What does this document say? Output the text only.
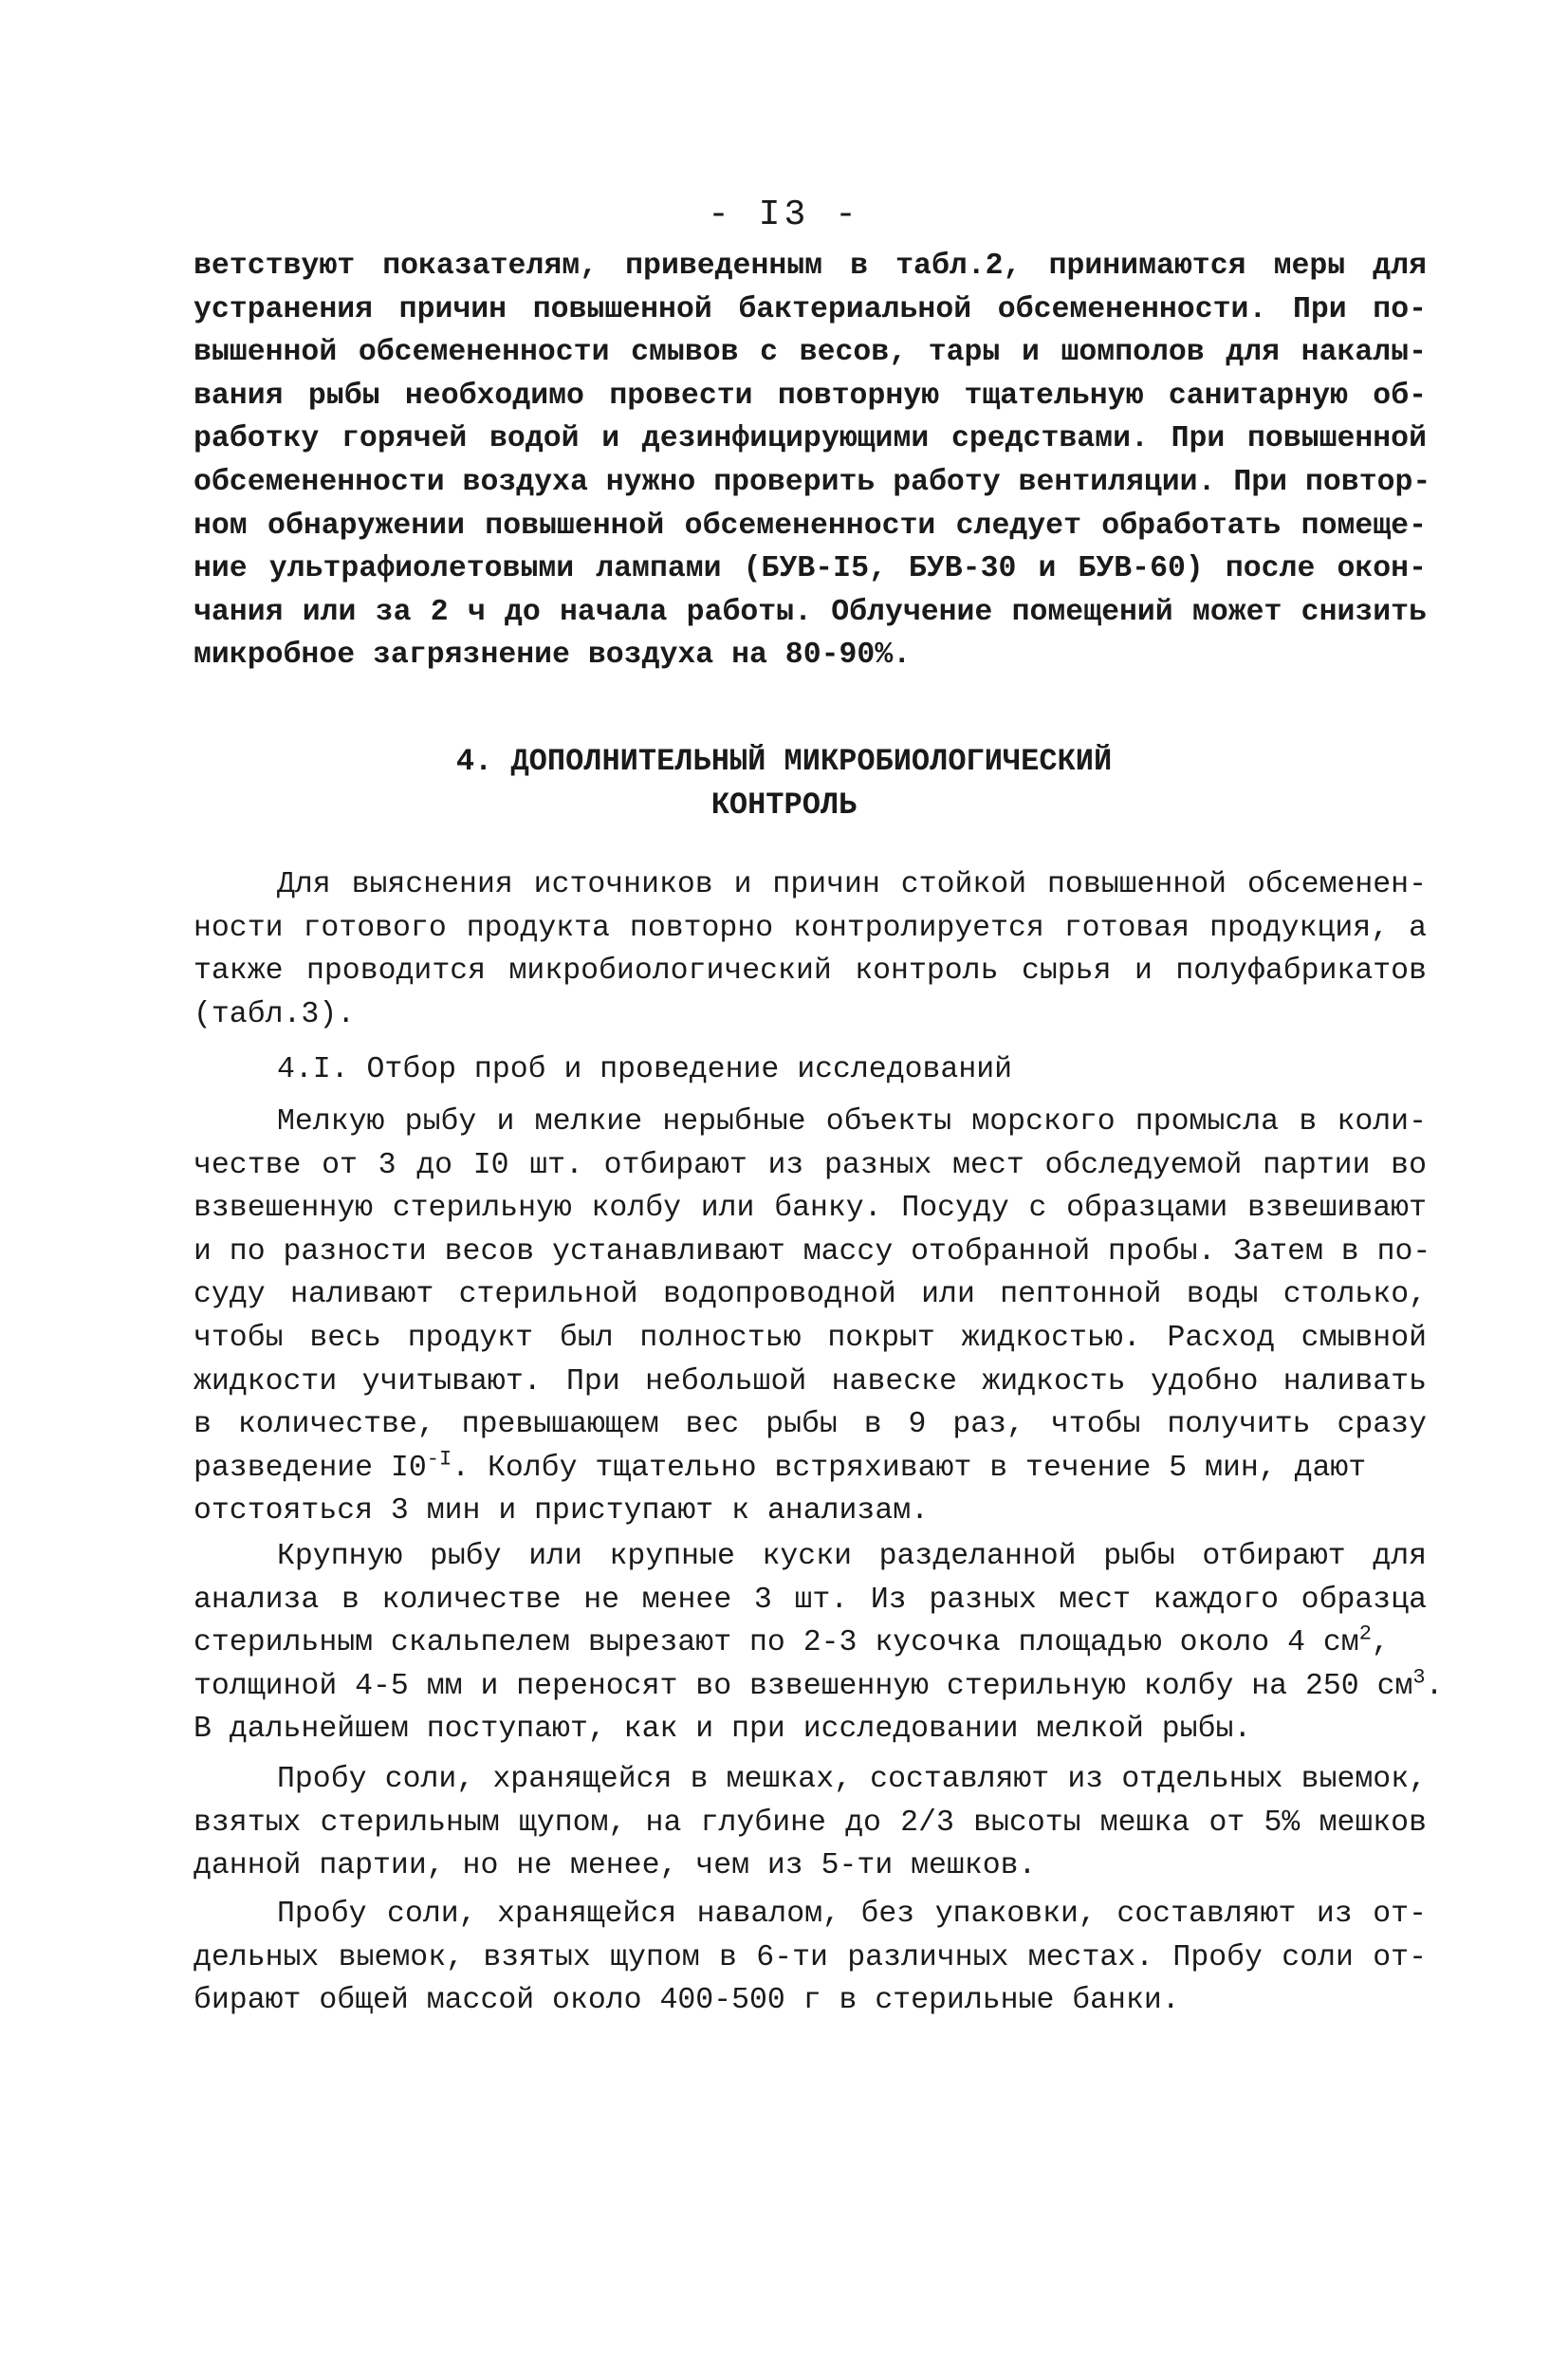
- I3 -
ветствуют показателям, приведенным в табл.2, принимаются меры для
устранения причин повышенной бактериальной обсемененности. При по-
вышенной обсемененности смывов с весов, тары и шомполов для накалы-
вания рыбы необходимо провести повторную тщательную санитарную об-
работку горячей водой и дезинфицирующими средствами. При повышенной
обсемененности воздуха нужно проверить работу вентиляции. При повтор-
ном обнаружении повышенной обсемененности следует обработать помеще-
ние ультрафиолетовыми лампами (БУВ-I5, БУВ-30 и БУВ-60) после окон-
чания или за 2 ч до начала работы. Облучение помещений может снизить
микробное загрязнение воздуха на 80-90%.
4. ДОПОЛНИТЕЛЬНЫЙ МИКРОБИОЛОГИЧЕСКИЙ
КОНТРОЛЬ
Для выяснения источников и причин стойкой повышенной обсеменен-
ности готового продукта повторно контролируется готовая продукция, а
также проводится микробиологический контроль сырья и полуфабрикатов
(табл.3).
4.I. Отбор проб и проведение исследований
Мелкую рыбу и мелкие нерыбные объекты морского промысла в коли-
честве от 3 до I0 шт. отбирают из разных мест обследуемой партии во
взвешенную стерильную колбу или банку. Посуду с образцами взвешивают
и по разности весов устанавливают массу отобранной пробы. Затем в по-
суду наливают стерильной водопроводной или пептонной воды столько,
чтобы весь продукт был полностью покрыт жидкостью. Расход смывной
жидкости учитывают. При небольшой навеске жидкость удобно наливать
в количестве, превышающем вес рыбы в 9 раз, чтобы получить сразу
разведение $I0^{-I}$. Колбу тщательно встряхивают в течение 5 мин, дают
отстояться 3 мин и приступают к анализам.
Крупную рыбу или крупные куски разделанной рыбы отбирают для
анализа в количестве не менее 3 шт. Из разных мест каждого образца
стерильным скальпелем вырезают по 2-3 кусочка площадью около 4 $см^2$,
толщиной 4-5 мм и переносят во взвешенную стерильную колбу на 250 $см^3$.
В дальнейшем поступают, как и при исследовании мелкой рыбы.
Пробу соли, хранящейся в мешках, составляют из отдельных выемок,
взятых стерильным щупом, на глубине до 2/3 высоты мешка от 5% мешков
данной партии, но не менее, чем из 5-ти мешков.
Пробу соли, хранящейся навалом, без упаковки, составляют из от-
дельных выемок, взятых щупом в 6-ти различных местах. Пробу соли от-
бирают общей массой около 400-500 г в стерильные банки.
